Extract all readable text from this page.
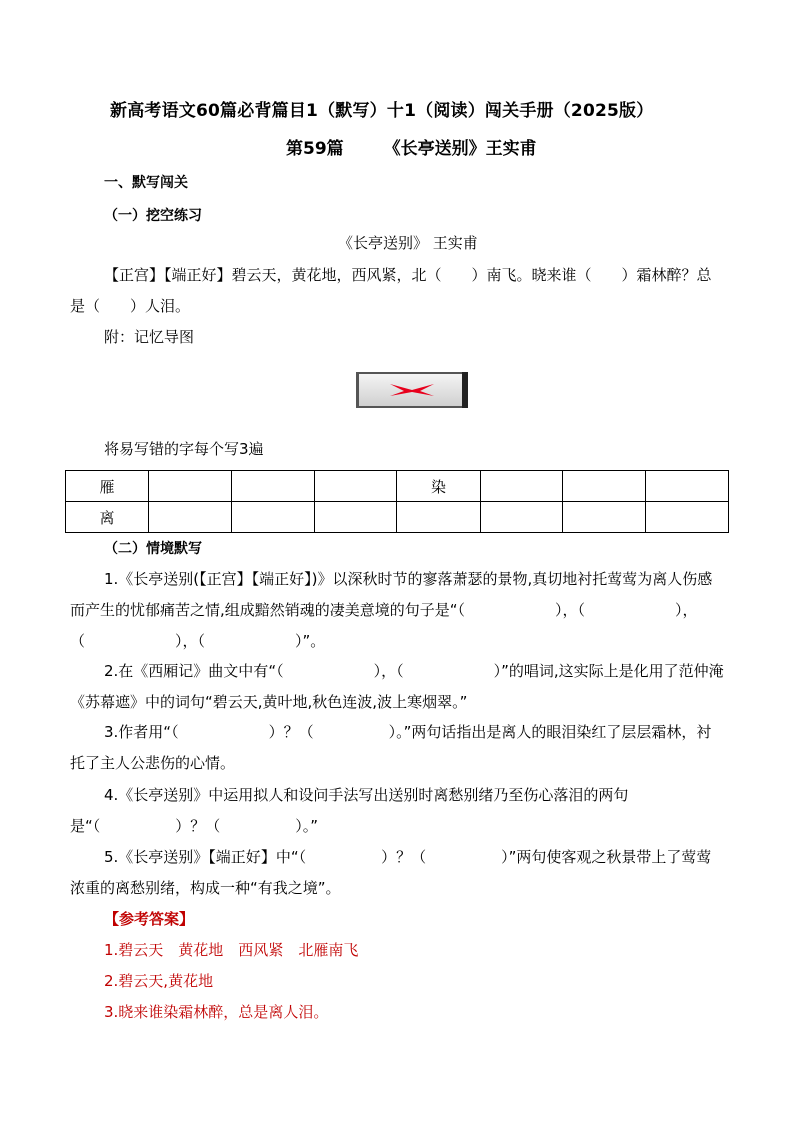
新高考语文60篇必背篇目1（默写）十1（阅读）闯关手册（2025版）
第59篇 《长亭送别》王实甫
一、默写闯关
（一）挖空练习
《长亭送别》 王实甫
【正宫】【端正好】碧云天，黄花地，西风紧，北（　　）南飞。晓来谁（　　）霜林醉？总是（　　）人泪。
附：记忆导图
将易写错的字每个写3遍
雁				染			
离							
（二）情境默写
1.《长亭送别(【正宫】【端正好】)》以深秋时节的寥落萧瑟的景物,真切地衬托莺莺为离人伤感而产生的忧郁痛苦之情,组成黯然销魂的凄美意境的句子是“（　　　　　　），（　　　　　　），（　　　　　　），（　　　　　　）”。
2.在《西厢记》曲文中有“（　　　　　　），（　　　　　　）”的唱词,这实际上是化用了范仲淹《苏幕遮》中的词句“碧云天,黄叶地,秋色连波,波上寒烟翠。”
3.作者用“（　　　　　　）？（　　　　　）。”两句话指出是离人的眼泪染红了层层霜林，衬托了主人公悲伤的心情。
4.《长亭送别》中运用拟人和设问手法写出送别时离愁别绪乃至伤心落泪的两句是“（　　　　　）？（　　　　　）。”
5.《长亭送别》【端正好】中“（　　　　　）？（　　　　　）”两句使客观之秋景带上了莺莺浓重的离愁别绪，构成一种“有我之境”。
【参考答案】
1.碧云天　黄花地　西风紧　北雁南飞
2.碧云天,黄花地
3.晓来谁染霜林醉，总是离人泪。
